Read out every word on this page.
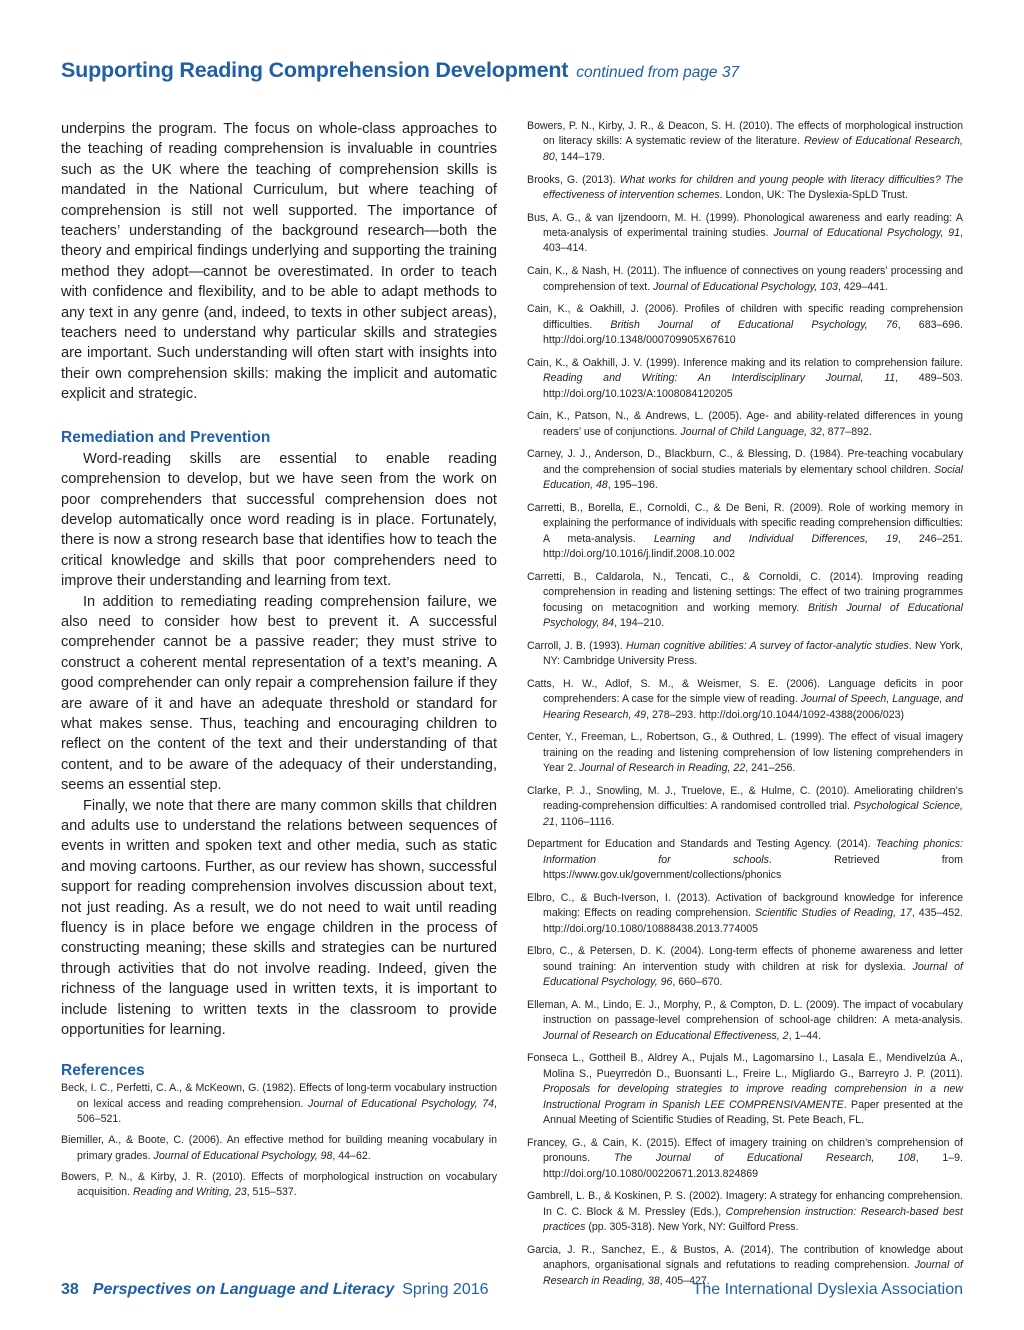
Supporting Reading Comprehension Development continued from page 37

underpins the program. The focus on whole-class approaches to the teaching of reading comprehension is invaluable in countries such as the UK where the teaching of comprehension skills is mandated in the National Curriculum, but where teaching of comprehension is still not well supported. The importance of teachers’ understanding of the background research—both the theory and empirical findings underlying and supporting the training method they adopt—cannot be overestimated. In order to teach with confidence and flexibility, and to be able to adapt methods to any text in any genre (and, indeed, to texts in other subject areas), teachers need to understand why particular skills and strategies are important. Such understanding will often start with insights into their own comprehension skills: making the implicit and automatic explicit and strategic.

Remediation and Prevention

Word-reading skills are essential to enable reading comprehension to develop, but we have seen from the work on poor comprehenders that successful comprehension does not develop automatically once word reading is in place. Fortunately, there is now a strong research base that identifies how to teach the critical knowledge and skills that poor comprehenders need to improve their understanding and learning from text.

In addition to remediating reading comprehension failure, we also need to consider how best to prevent it. A successful comprehender cannot be a passive reader; they must strive to construct a coherent mental representation of a text’s meaning. A good comprehender can only repair a comprehension failure if they are aware of it and have an adequate threshold or standard for what makes sense. Thus, teaching and encouraging children to reflect on the content of the text and their understanding of that content, and to be aware of the adequacy of their understanding, seems an essential step.

Finally, we note that there are many common skills that children and adults use to understand the relations between sequences of events in written and spoken text and other media, such as static and moving cartoons. Further, as our review has shown, successful support for reading comprehension involves discussion about text, not just reading. As a result, we do not need to wait until reading fluency is in place before we engage children in the process of constructing meaning; these skills and strategies can be nurtured through activities that do not involve reading. Indeed, given the richness of the language used in written texts, it is important to include listening to written texts in the classroom to provide opportunities for learning.

References

Beck, I. C., Perfetti, C. A., & McKeown, G. (1982). Effects of long-term vocabulary instruction on lexical access and reading comprehension. Journal of Educational Psychology, 74, 506–521.

Biemiller, A., & Boote, C. (2006). An effective method for building meaning vocabulary in primary grades. Journal of Educational Psychology, 98, 44–62.

Bowers, P. N., & Kirby, J. R. (2010). Effects of morphological instruction on vocabulary acquisition. Reading and Writing, 23, 515–537.

Bowers, P. N., Kirby, J. R., & Deacon, S. H. (2010). The effects of morphological instruction on literacy skills: A systematic review of the literature. Review of Educational Research, 80, 144–179.

Brooks, G. (2013). What works for children and young people with literacy difficulties? The effectiveness of intervention schemes. London, UK: The Dyslexia-SpLD Trust.

Bus, A. G., & van Ijzendoorn, M. H. (1999). Phonological awareness and early reading: A meta-analysis of experimental training studies. Journal of Educational Psychology, 91, 403–414.

Cain, K., & Nash, H. (2011). The influence of connectives on young readers’ processing and comprehension of text. Journal of Educational Psychology, 103, 429–441.

Cain, K., & Oakhill, J. (2006). Profiles of children with specific reading comprehension difficulties. British Journal of Educational Psychology, 76, 683–696. http://doi.org/10.1348/000709905X67610

Cain, K., & Oakhill, J. V. (1999). Inference making and its relation to comprehension failure. Reading and Writing: An Interdisciplinary Journal, 11, 489–503. http://doi.org/10.1023/A:1008084120205

Cain, K., Patson, N., & Andrews, L. (2005). Age- and ability-related differences in young readers’ use of conjunctions. Journal of Child Language, 32, 877–892.

Carney, J. J., Anderson, D., Blackburn, C., & Blessing, D. (1984). Pre-teaching vocabulary and the comprehension of social studies materials by elementary school children. Social Education, 48, 195–196.

Carretti, B., Borella, E., Cornoldi, C., & De Beni, R. (2009). Role of working memory in explaining the performance of individuals with specific reading comprehension difficulties: A meta-analysis. Learning and Individual Differences, 19, 246–251. http://doi.org/10.1016/j.lindif.2008.10.002

Carretti, B., Caldarola, N., Tencati, C., & Cornoldi, C. (2014). Improving reading comprehension in reading and listening settings: The effect of two training programmes focusing on metacognition and working memory. British Journal of Educational Psychology, 84, 194–210.

Carroll, J. B. (1993). Human cognitive abilities: A survey of factor-analytic studies. New York, NY: Cambridge University Press.

Catts, H. W., Adlof, S. M., & Weismer, S. E. (2006). Language deficits in poor comprehenders: A case for the simple view of reading. Journal of Speech, Language, and Hearing Research, 49, 278–293. http://doi.org/10.1044/1092-4388(2006/023)

Center, Y., Freeman, L., Robertson, G., & Outhred, L. (1999). The effect of visual imagery training on the reading and listening comprehension of low listening comprehenders in Year 2. Journal of Research in Reading, 22, 241–256.

Clarke, P. J., Snowling, M. J., Truelove, E., & Hulme, C. (2010). Ameliorating children’s reading-comprehension difficulties: A randomised controlled trial. Psychological Science, 21, 1106–1116.

Department for Education and Standards and Testing Agency. (2014). Teaching phonics: Information for schools. Retrieved from https://www.gov.uk/government/collections/phonics

Elbro, C., & Buch-Iverson, I. (2013). Activation of background knowledge for inference making: Effects on reading comprehension. Scientific Studies of Reading, 17, 435–452. http://doi.org/10.1080/10888438.2013.774005

Elbro, C., & Petersen, D. K. (2004). Long-term effects of phoneme awareness and letter sound training: An intervention study with children at risk for dyslexia. Journal of Educational Psychology, 96, 660–670.

Elleman, A. M., Lindo, E. J., Morphy, P., & Compton, D. L. (2009). The impact of vocabulary instruction on passage-level comprehension of school-age children: A meta-analysis. Journal of Research on Educational Effectiveness, 2, 1–44.

Fonseca L., Gottheil B., Aldrey A., Pujals M., Lagomarsino I., Lasala E., Mendivelzúa A., Molina S., Pueyrredón D., Buonsanti L., Freire L., Migliardo G., Barreyro J. P. (2011). Proposals for developing strategies to improve reading comprehension in a new Instructional Program in Spanish LEE COMPRENSIVAMENTE. Paper presented at the Annual Meeting of Scientific Studies of Reading, St. Pete Beach, FL.

Francey, G., & Cain, K. (2015). Effect of imagery training on children’s comprehension of pronouns. The Journal of Educational Research, 108, 1–9. http://doi.org/10.1080/00220671.2013.824869

Gambrell, L. B., & Koskinen, P. S. (2002). Imagery: A strategy for enhancing comprehension. In C. C. Block & M. Pressley (Eds.), Comprehension instruction: Research-based best practices (pp. 305-318). New York, NY: Guilford Press.

Garcia, J. R., Sanchez, E., & Bustos, A. (2014). The contribution of knowledge about anaphors, organisational signals and refutations to reading comprehension. Journal of Research in Reading, 38, 405–427.

38 Perspectives on Language and Literacy Spring 2016	The International Dyslexia Association
